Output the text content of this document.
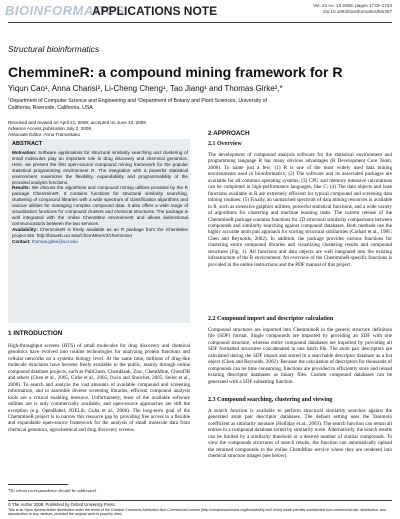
BIOINFORMATICS
APPLICATIONS NOTE	Vol. 24 no. 15 2008, pages 1733–1734
doi:10.1093/bioinformatics/btn307
Structural bioinformatics
ChemmineR: a compound mining framework for R
Yiqun Cao¹, Anna Charisi², Li-Cheng Cheng¹, Tao Jiang¹ and Thomas Girke²,*
¹Department of Computer Science and Engineering and ²Department of Botany and Plant Sciences, University of California, Riverside, California, USA
Received and revised on April 21, 2008; accepted on June 10, 2008
Advance Access publication July 2, 2008
Associate Editor: Anna Tramontano
ABSTRACT
Motivation: Software applications for structural similarity searching and clustering of small molecules play an important role in drug discovery and chemical genomics. Here, we present the first open-source compound mining framework for the popular statistical programming environment R. The integration with a powerful statistical environment maximizes the flexibility, expandability and programmability of the provided analysis functions.
Results: We discuss the algorithms and compound mining utilities provided by the R package ChemmineR. It contains functions for structural similarity searching, clustering of compound libraries with a wide spectrum of classification algorithms and various utilities for managing complex compound data. It also offers a wide range of visualization functions for compound clusters and chemical structures. The package is well integrated with the online ChemMine environment and allows bidirectional communications between the two services.
Availability: ChemmineR is freely available as an R package from the ChemMine project site: http://bioweb.ucr.edu/ChemMineV2/chemminer
Contact: thomas.girke@ucr.edu
1 INTRODUCTION
High-throughput screens (HTS) of small molecules for drug discovery and chemical genomics have evolved into routine technologies for analyzing protein functions and cellular networks on a systems biology level. At the same time, millions of drug-like molecule structures have become freely available to the public, mainly through online compound database projects, such as PubChem, ChemBank, Zinc, ChemMine, ChemDB and others (Chen et al., 2005; Girke et al., 2005; Irwin and Shoichet, 2005; Seiler et al., 2008). To search and analyze the vast amounts of available compound and screening information, and to assemble diverse screening libraries, efficient compound analysis tools are a critical enabling resource. Unfortunately, most of the available software utilities are is only commercially available, and open-source approaches are still the exception (e.g. OpenBabel, JOELib, Guha et al., 2006). The long-term goal of the ChemmineR project is to narrow this resource gap by providing free access to a flexible and expandable open-source framework for the analysis of small molecule data from chemical genomics, agrochemical and drug discovery screens.
*To whom correspondence should be addressed.
2 APPROACH
2.1 Overview
The development of compound analysis software for the statistical environment and programming language R has many obvious advantages (R Development Core Team, 2008). To name just a few: (1) R is one of the most widely used data mining environments used in bioinformatics; (2) The software and its associated packages are available for all common operating systems; (3) CPU and memory intensive calculations can be completed in high-performance languages, like C; (4) The data objects and base functions available in R are extremely efficient for typical compound and screening data mining routines; (5) Finally, an unmatched spectrum of data mining resources is available in R, such as extensive graphics utilities, powerful statistical functions, and a wide variety of algorithms for clustering and machine learning tasks. The current release of the ChemmineR package contains functions for 2D structural similarity comparisons between compounds and similarity searching against compound databases. Both methods use the highly accurate atom pair approach for scoring structural similarities (Carhart et al., 1985; Chen and Reynolds, 2002). In addition, the package provides various functions for clustering entire compound libraries and visualizing clustering results and compound structures (Fig. 1). All functions and data objects are well integrated into the existing infrastructure of the R environment. An overview of the ChemmineR-specific functions is provided in the online instructions and the PDF manual of this project.
2.2 Compound import and descriptor calculation
Compound structures are imported into ChemmineR in the generic structure definition file (SDF) format. Single compounds are imported by providing an SDF with one compound structure, whereas entire compound databases are imported by providing all SDF formatted structures concatenated in one batch file. The atom pair descriptors are calculated during the SDF import and stored in a searchable descriptor database as a list object (Chen and Reynolds, 2002). Because the calculation of descriptors for thousands of compounds can be time consuming, functions are provided to efficiently store and reload existing descriptor databases as binary files. Custom compound databases can be generated with a SDF subsetting function.
2.3 Compound searching, clustering and viewing
A search function is available to perform structural similarity searches against the generated atom pair descriptor databases. The default setting uses the Tanimoto coefficient as similarity measure (Holliday et al., 2003). The search function can return all entries in a compound database sorted by similarity score. Alternatively, the search results can be limited by a similarity threshold or a desired number of similar compounds. To view the compounds structures of search results, the function can automatically upload the returned compounds to the online ChemMine service where they are rendered into chemical structure images (see below).
© The Author 2008. Published by Oxford University Press.
This is an Open Access article distributed under the terms of the Creative Commons Attribution Non-Commercial License (http://creativecommons.org/licenses/by-nc/2.0/uk/) which permits unrestricted non-commercial use, distribution, and reproduction in any medium, provided the original work is properly cited.
